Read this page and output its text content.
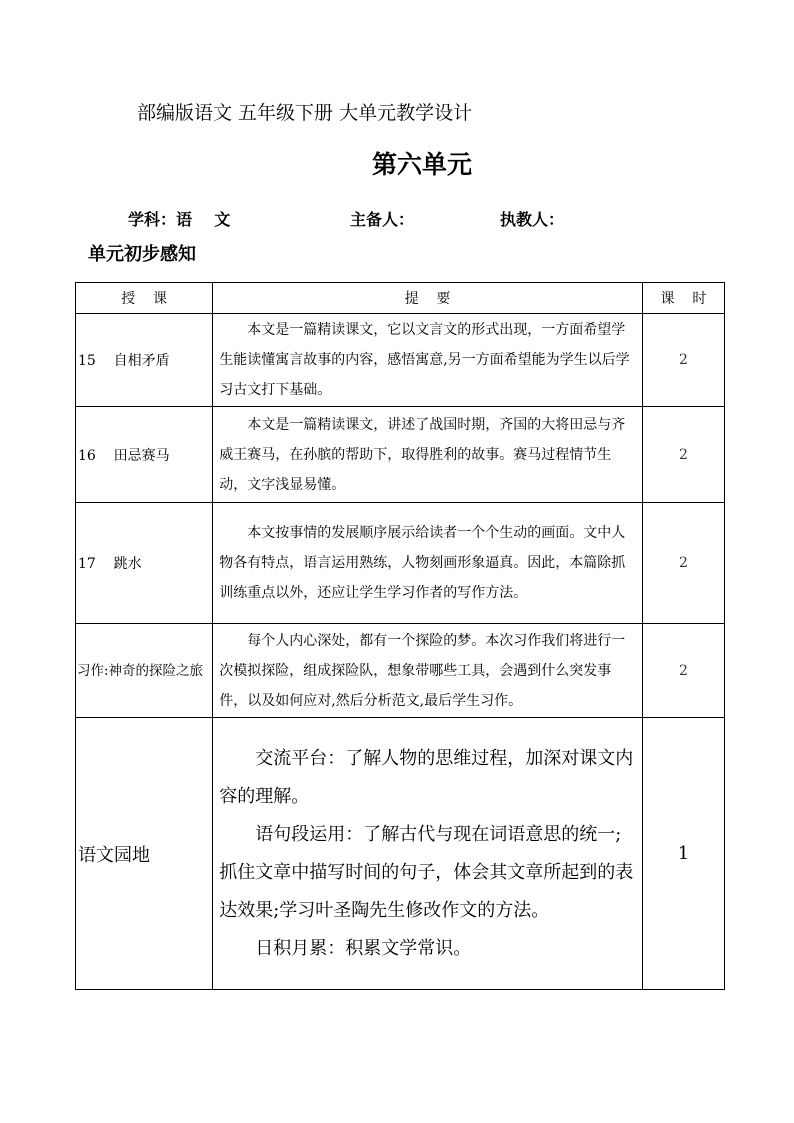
部编版语文 五年级下册 大单元教学设计
第六单元
学科：语    文	主备人：	执教人：
单元初步感知
授    课	提    要	课    时
15    自相矛盾	本文是一篇精读课文，它以文言文的形式出现，一方面希望学生能读懂寓言故事的内容，感悟寓意,另一方面希望能为学生以后学习古文打下基础。	2
16    田忌赛马	本文是一篇精读课文，讲述了战国时期，齐国的大将田忌与齐威王赛马，在孙膑的帮助下，取得胜利的故事。赛马过程情节生动，文字浅显易懂。	2
17    跳水	本文按事情的发展顺序展示给读者一个个生动的画面。文中人物各有特点，语言运用熟练，人物刻画形象逼真。因此，本篇除抓训练重点以外，还应让学生学习作者的写作方法。	2
习作:神奇的探险之旅	每个人内心深处，都有一个探险的梦。本次习作我们将进行一次模拟探险，组成探险队，想象带哪些工具，会遇到什么突发事件，以及如何应对,然后分析范文,最后学生习作。	2
语文园地	交流平台：了解人物的思维过程，加深对课文内容的理解。

语句段运用：了解古代与现在词语意思的统一;抓住文章中描写时间的句子，体会其文章所起到的表达效果;学习叶圣陶先生修改作文的方法。

日积月累：积累文学常识。	1
